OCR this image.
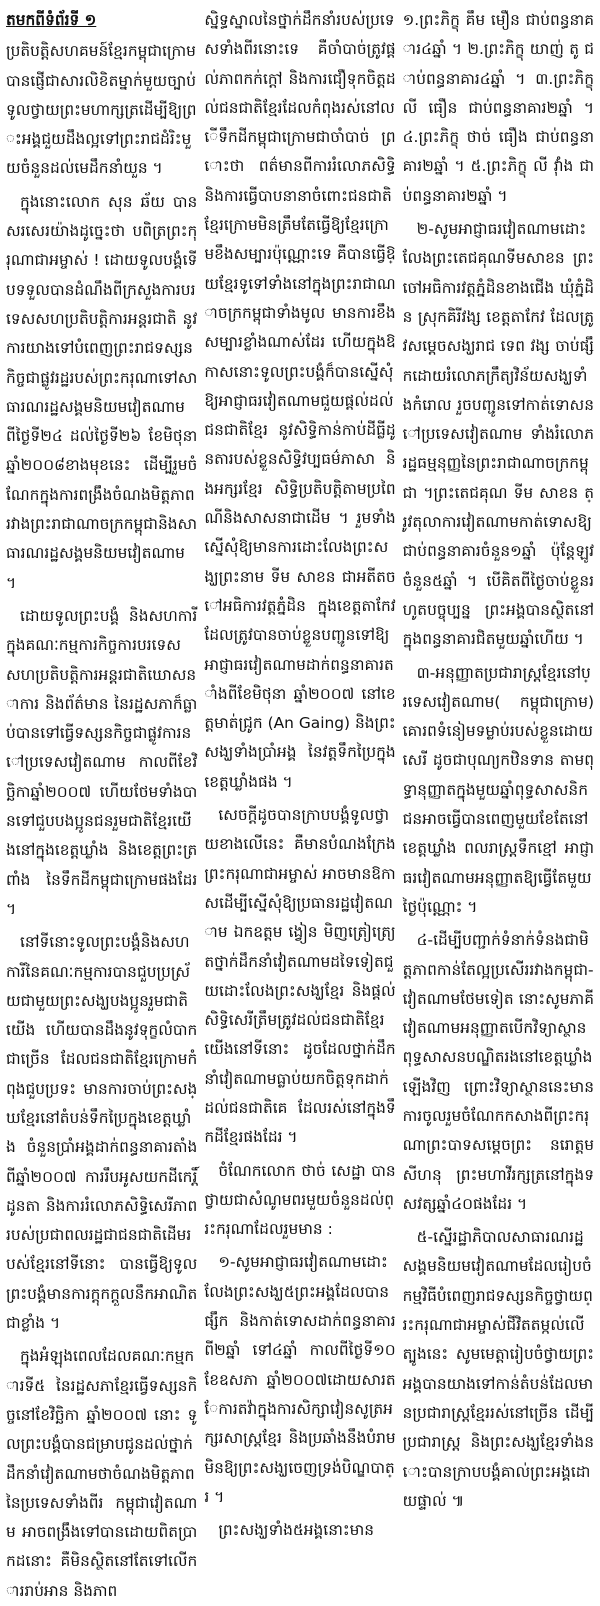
តមកពីទំព័រទី ១

ប្រតិបត្តិសហគមន៍ខ្មែរកម្ពុជាក្រោម បានផ្ញើជាសារលិខិតម្នាក់មួយច្បាប់ ទូលថ្វាយព្រះមហាក្សត្រដើម្បីឱ្យព្រះអង្គជួយដឹងល្អទៅព្រះរាជដំរិះមួយចំនួនដល់មេដឹកនាំយួន ។

ក្នុងនោះលោក សុន ឆ័យ បានសរសេរយ៉ាងដូច្នេះថា បពិត្រព្រះកុរុណាជាអម្ចាស់ ! ដោយទូលបង្គំទើបទទួលបានដំណឹងពីក្រសួងការបរទេសសហប្រតិបត្តិការអន្តរជាតិ នូវការយាងទៅបំពេញព្រះរាជទស្សនកិច្ចជាផ្លូវរដ្ឋរបស់ព្រះករុណាទៅសាធារណរដ្ឋសង្គមនិយមវៀតណាម ពីថ្ងៃទី២៤ ដល់ថ្ងៃទី២៦ ខែមិថុនាឆ្នាំ២០០៨ខាងមុខនេះ ដើម្បីរួមចំណែកក្នុងការពង្រឹងចំណងមិត្តភាពរវាងព្រះរាជាណាចក្រកម្ពុជានិងសាធារណរដ្ឋសង្គមនិយមវៀតណាម ។

ដោយទូលព្រះបង្គំ និងសហការីក្នុងគណៈកម្មការកិច្ចការបរទេស សហប្រតិបត្តិការអន្តរជាតិឃោសនាការ និងព័ត៌មាន នៃរដ្ឋសភាក៏ធ្លាប់បានទៅធ្វើទស្សនកិច្ចជាផ្លូវការនៅប្រទេសវៀតណាម កាលពីខែវិច្ឆិកាឆ្នាំ២០០៧ ហើយថែមទាំងបានទៅជួបបងប្អូនជនរួមជាតិខ្មែរយើងនៅក្នុងខេត្តឃ្លាំង និងខេត្តព្រះត្រពាំង នៃទឹកដីកម្ពុជាក្រោមផងដែរ ។

នៅទីនោះទូលព្រះបង្គំនិងសហការីនៃគណៈកម្មការបានជួបប្រស្រ័យជាមួយព្រះសង្ឃបងប្អូនរួមជាតិយើង ហើយបានដឹងនូវទុក្ខលំបាកជាច្រើន ដែលជនជាតិខ្មែរក្រោមកំពុងជួបប្រទះ មានការចាប់ព្រះសង្ឃខ្មែរនៅតំបន់ទឹកប្រៃក្នុងខេត្តឃ្លាំង ចំនួនប្រាំអង្គដាក់ពន្ធនាគារតាំងពីឆ្នាំ២០០៧ ការរឹបអូសយកដីកេរ្តិ៍ដូនតា និងការរំលោភសិទ្ធិសេរីភាពរបស់ប្រជាពលរដ្ឋជាជនជាតិដើមរបស់ខ្មែរនៅទីនោះ បានធ្វើឱ្យទូលព្រះបង្គំមានការក្តុកក្តួលនឹកអាណិតជាខ្លាំង ។

ក្នុងអំឡុងពេលដែលគណៈកម្មការទី៥ នៃរដ្ឋសភាខ្មែរធ្វើទស្សនកិច្ចនៅខែវិច្ឆិកា ឆ្នាំ២០០៧ នោះ ទូលព្រះបង្គំបានជម្រាបជូនដល់ថ្នាក់ដឹកនាំវៀតណាមថាចំណងមិត្តភាពនៃប្រទេសទាំងពីរ កម្ពុជាវៀតណាម អាចពង្រឹងទៅបានដោយពិតប្រាកដនោះ គឺមិនស្ថិតនៅតែទៅលើការរាប់អាន និងភាព

ស្និទ្ធស្នាលនៃថ្នាក់ដឹកនាំរបស់ប្រទេសទាំងពីរនោះទេ គឺចាំបាច់ត្រូវផ្តល់ភាពកក់ក្តៅ និងការជឿទុកចិត្តដល់ជនជាតិខ្មែរដែលកំពុងរស់នៅលើទឹកដីកម្ពុជាក្រោមជាចាំបាច់ ព្រោះថា ពត៌មានពីការរំលោភសិទ្ធិ និងការធ្វើបាបនានាចំពោះជនជាតិខ្មែរក្រោមមិនត្រឹមតែធ្វើឱ្យខ្មែរក្រោមខឹងសម្បារប៉ុណ្ណោះទេ គឺបានធ្វើឱ្យខ្មែរទូទៅទាំងនៅក្នុងព្រះរាជាណាចក្រកម្ពុជាទាំងមូល មានការខឹងសម្បារខ្លាំងណាស់ដែរ ហើយក្នុងឱកាសនោះទូលព្រះបង្គំក៏បានស្នើសុំឱ្យអាជ្ញាធរវៀតណាមជួយផ្តល់ដល់ជនជាតិខ្មែរ នូវសិទ្ធិកាន់កាប់ដីធ្លីដូនតារបស់ខ្លួនសិទ្ធិវប្បធម៌ភាសា និងអក្សរខ្មែរ សិទ្ធិប្រតិបត្តិតាមប្រពៃណីនិងសាសនាជាដើម ។ រួមទាំងស្នើសុំឱ្យមានការដោះលែងព្រះសង្ឃព្រះនាម ទីម សាខន ជាអតីតចៅអធិការវត្តភ្នំដិន ក្នុងខេត្តតាកែវ ដែលត្រូវបានចាប់ខ្លួនបញ្ជូនទៅឱ្យអាជ្ញាធរវៀតណាមដាក់ពន្ធនាគារតាំងពីខែមិថុនា ឆ្នាំ២០០៧ នៅខេត្តមាត់ជ្រូក (An Gaing) និងព្រះសង្ឃទាំងប្រាំអង្គ នៃវត្តទឹកប្រៃក្នុងខេត្តឃ្លាំងផង ។

សេចក្តីដូចបានក្រាបបង្គំទូលថ្វាយខាងលើនេះ គឺមានបំណងក្រែង ព្រះករុណាជាអម្ចាស់ អាចមានឱកាសដើម្បីស្នើសុំឱ្យប្រធានរដ្ឋវៀតណាម ឯកឧត្តម ង្វៀន មិញត្រៀត្រ្យេតថ្នាក់ដឹកនាំវៀតណាមដទៃទៀតជួយដោះលែងព្រះសង្ឃខ្មែរ និងផ្តល់សិទ្ធិសេរីត្រឹមត្រូវដល់ជនជាតិខ្មែរយើងនៅទីនោះ ដូចដែលថ្នាក់ដឹកនាំវៀតណាមធ្លាប់យកចិត្តទុកដាក់ដល់ជនជាតិគេ ដែលរស់នៅក្នុងទឹកដីខ្មែរផងដែរ ។

ចំណែកលោក ថាច់ សេដ្ឋា បានថ្វាយជាសំណូមពរមួយចំនួនដល់ព្រះករុណាដែលរួមមាន :

១-សូមអាជ្ញាធរវៀតណាមដោះលែងព្រះសង្ឃ៥ព្រះអង្គដែលបានផ្សឹក និងកាត់ទោសដាក់ពន្ធនាគារពី២ឆ្នាំ ទៅ៤ឆ្នាំ កាលពីថ្ងៃទី១០ ខែឧសភា ឆ្នាំ២០០៧ដោយសារតែការតវ៉ាក្នុងការសិក្សាវៀនសូត្រអក្សរសាស្ត្រខ្មែរ និងប្រឆាំងនឹងបំរាមមិនឱ្យព្រះសង្ឃចេញទ្រង់បិណ្ឌបាត្រ ។

ព្រះសង្ឃទាំង៥អង្គនោះមាន

១.ព្រះភិក្ខុ គឹម មឿន ជាប់ពន្ធនាគារ៤ឆ្នាំ ។ ២.ព្រះភិក្ខុ យាញ់ តូ ជាប់ពន្ធនាគារ៤ឆ្នាំ ។ ៣.ព្រះភិក្ខុ លី ធឿន ជាប់ពន្ធនាគារ២ឆ្នាំ ។ ៤.ព្រះភិក្ខុ ថាច់ ធឿង ជាប់ពន្ធនាគារ២ឆ្នាំ ។ ៥.ព្រះភិក្ខុ លី វ៉ាំង ជាប់ពន្ធនាគារ២ឆ្នាំ ។

២-សូមអាជ្ញាធរវៀតណាមដោះលែងព្រះតេជគុណទីមសាខន ព្រះចៅអធិការវត្តភ្នំដិនខាងជើង ឃុំភ្នំដិន ស្រុកគិរីវង្ស ខេត្តតាកែវ ដែលត្រូវសម្តេចសង្ឃរាជ ទេព វង្ស ចាប់ផ្សឹកដោយរំលោភក្រឹត្យវិន័យសង្ឃទាំងកំរោល រួចបញ្ជូនទៅកាត់ទោសនៅប្រទេសវៀតណាម ទាំងរំលោភរដ្ឋធម្មនុញ្ញនៃព្រះរាជាណាចក្រកម្ពុជា ។ព្រះតេជគុណ ទីម សាខន ត្រូវតុលាការវៀតណាមកាត់ទោសឱ្យជាប់ពន្ធនាគារចំនួន១ឆ្នាំ ប៉ុន្តែឡូវចំនួន៥ឆ្នាំ ។ បើគិតពីថ្ងៃចាប់ខ្លួនរហូតបច្ចុប្បន្ន ព្រះអង្គបានស្ថិតនៅក្នុងពន្ធនាគារជិតមួយឆ្នាំហើយ ។

៣-អនុញ្ញាតប្រជារាស្ត្រខ្មែរនៅប្រទេសវៀតណាម( កម្ពុជាក្រោម) គោរពទំនៀមទម្លាប់របស់ខ្លួនដោយសេរី ដូចជាបុណ្យកឋិនទាន តាមពុទ្ធានុញ្ញាតក្នុងមួយឆ្នាំពុទ្ធសាសនិកជនអាចធ្វើបានពេញមួយខែតែនៅខេត្តឃ្លាំង ពលរាស្ត្រទឹកខ្មៅ អាជ្ញាធរវៀតណាមអនុញ្ញាតឱ្យធ្វើតែមួយថ្ងៃប៉ុណ្ណោះ ។

៤-ដើម្បីបញ្ជាក់ទំនាក់ទំនងជាមិត្តភាពកាន់តែល្អប្រសើររវាងកម្ពុជា-វៀតណាមថែមទៀត នោះសូមភាគីវៀតណាមអនុញ្ញាតបើកវិទ្យាស្ថានពុទ្ធសាសនបណ្ឌិតរងនៅខេត្តឃ្លាំងឡើងវិញ ព្រោះវិទ្យាស្ថាននេះមានការចូលរួមចំណែកកសាងពីព្រះករុណាព្រះបាទសម្តេចព្រះ នរោត្តម សីហនុ ព្រះមហាវីរក្សត្រនៅក្នុងទសវត្សឆ្នាំ៤០ផងដែរ ។

៥-ស្នើរដ្ឋាភិបាលសាធារណរដ្ឋសង្គមនិយមវៀតណាមដែលរៀបចំកម្មវិធីបំពេញរាជទស្សនកិច្ចថ្វាយព្រះករុណាជាអម្ចាស់ជីវិតតម្កល់លើត្បូងនេះ សូមមេត្តារៀបចំថ្វាយព្រះអង្គបានយាងទៅកាន់តំបន់ដែលមានប្រជារាស្ត្រខ្មែររស់នៅច្រើន ដើម្បីប្រជារាស្ត្រ និងព្រះសង្ឃខ្មែរទាំងនោះបានក្រាបបង្គំគាល់ព្រះអង្គដោយផ្ទាល់ ៕
